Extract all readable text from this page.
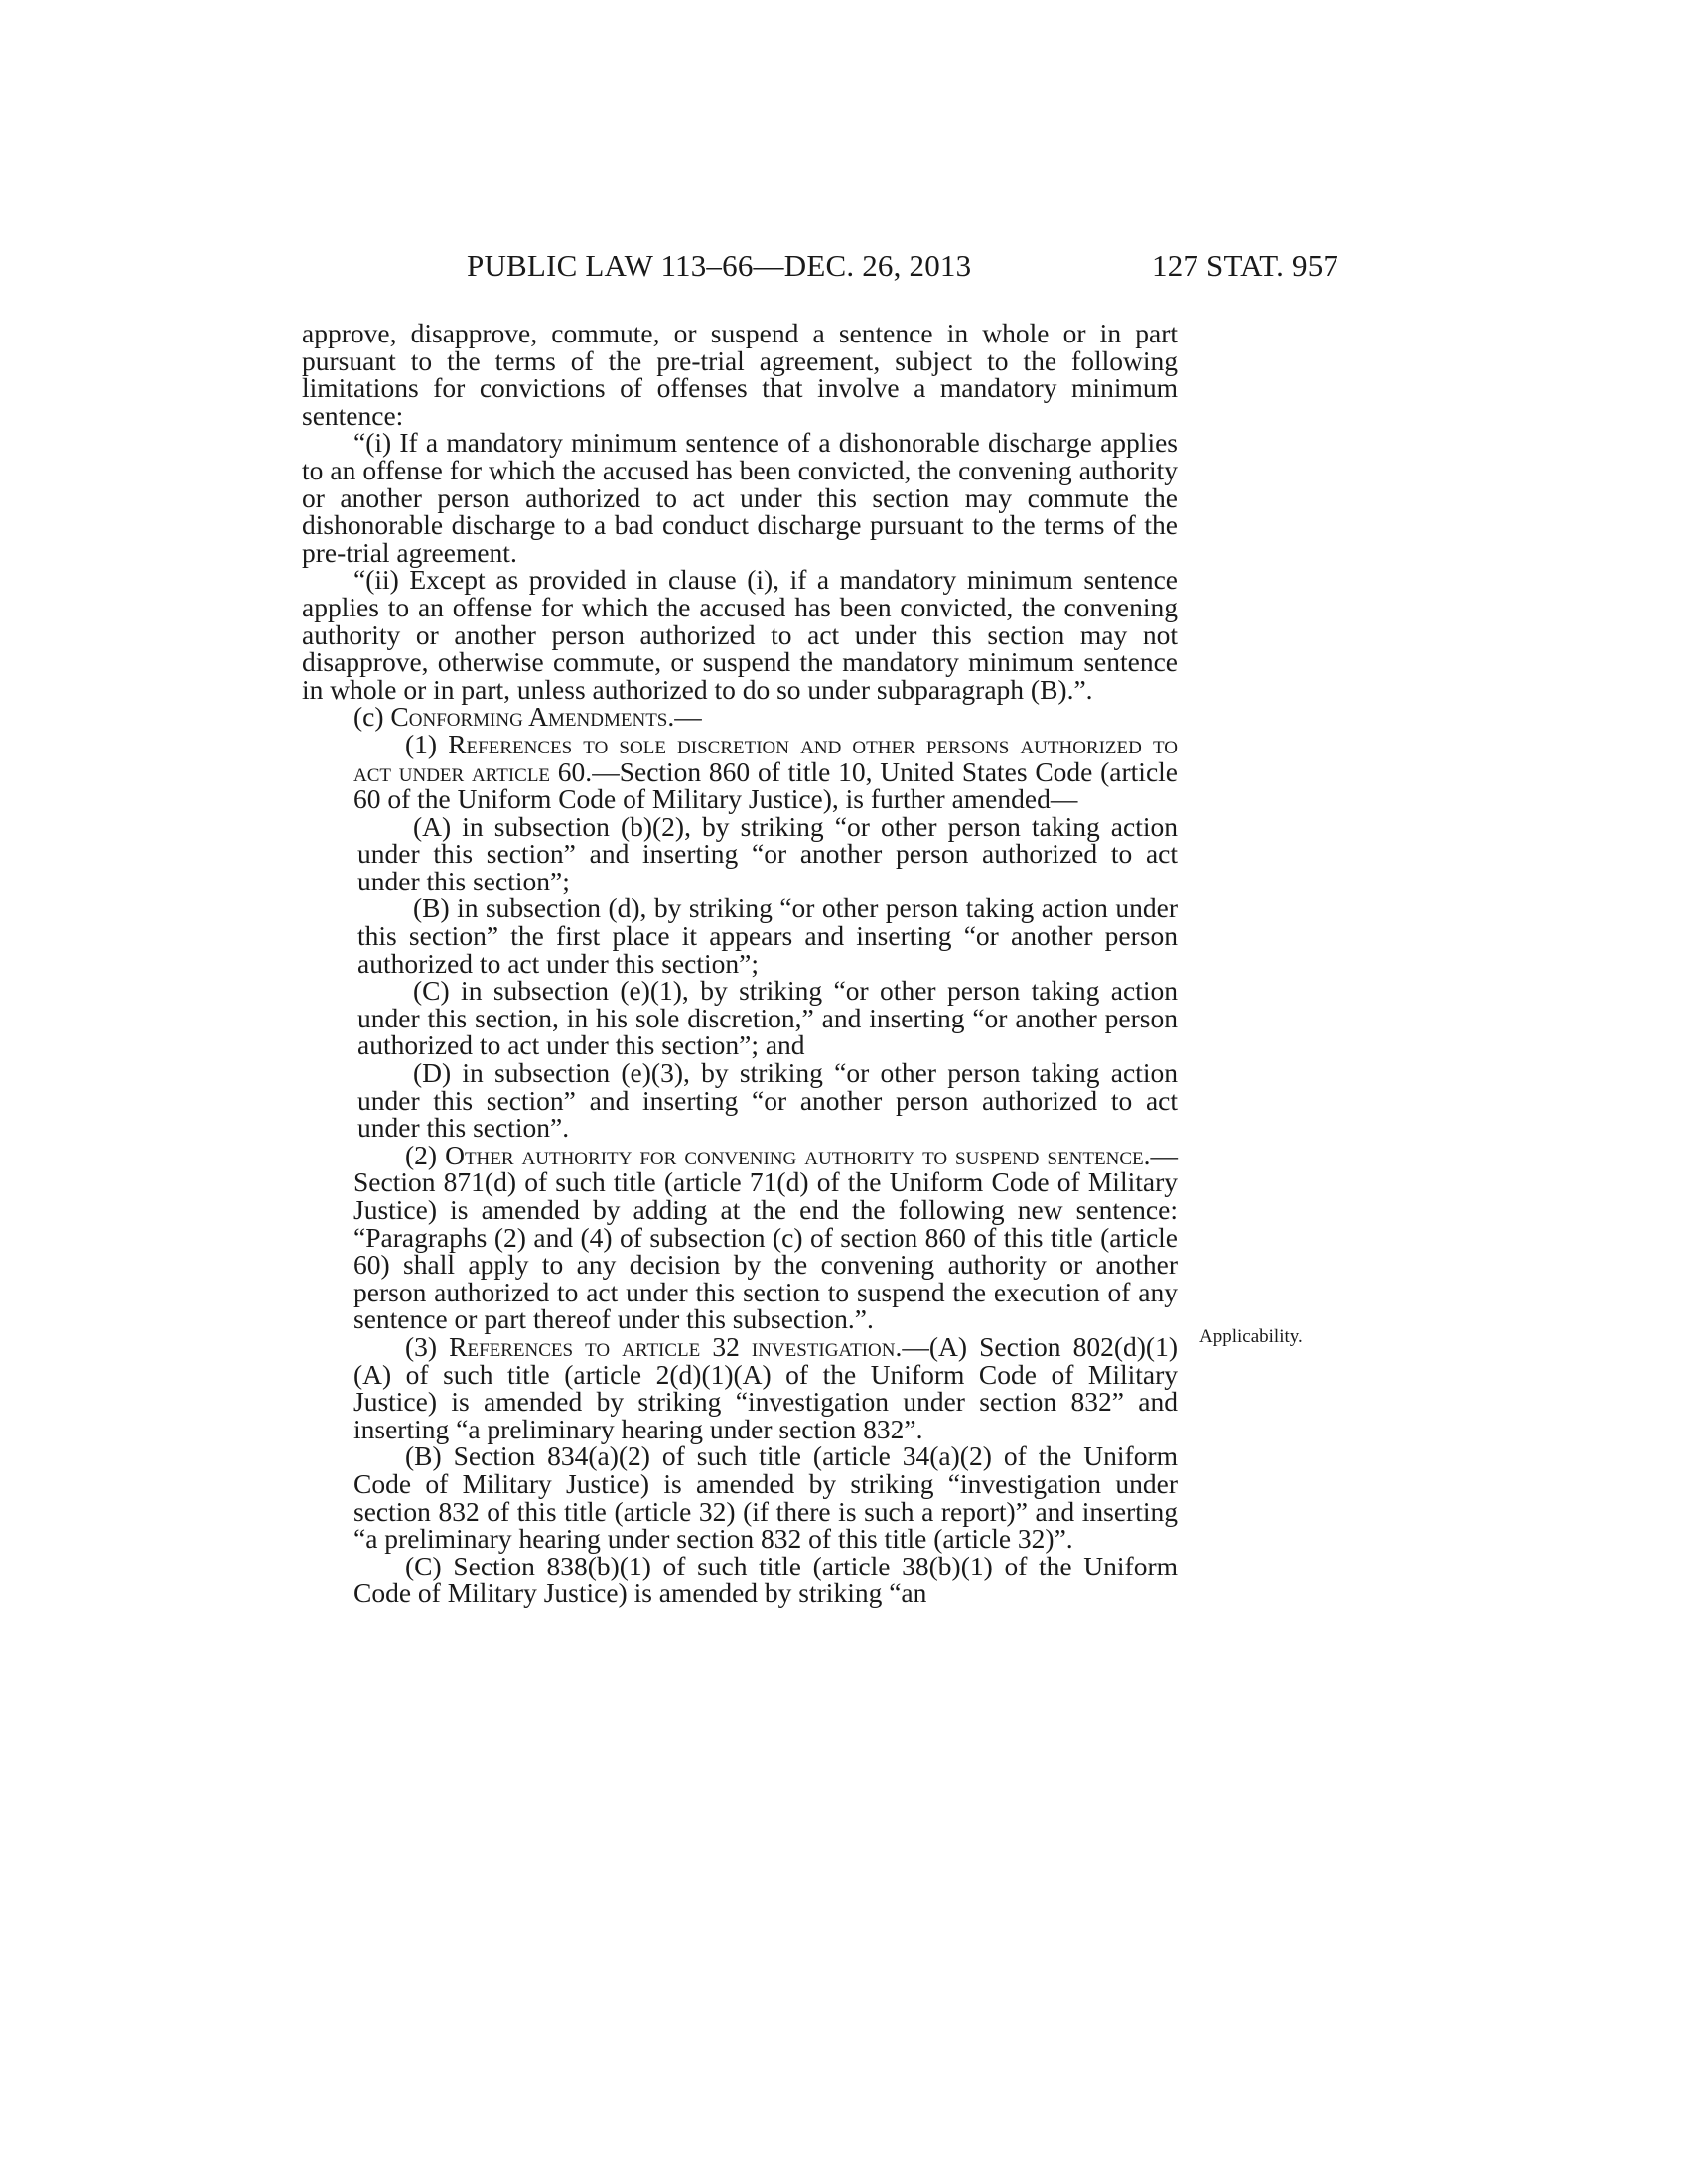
PUBLIC LAW 113–66—DEC. 26, 2013	127 STAT. 957
Applicability.

approve, disapprove, commute, or suspend a sentence in whole or in part pursuant to the terms of the pre-trial agreement, subject to the following limitations for convictions of offenses that involve a mandatory minimum sentence:

“(i) If a mandatory minimum sentence of a dishonorable discharge applies to an offense for which the accused has been convicted, the convening authority or another person authorized to act under this section may commute the dishonorable discharge to a bad conduct discharge pursuant to the terms of the pre-trial agreement.

“(ii) Except as provided in clause (i), if a mandatory minimum sentence applies to an offense for which the accused has been convicted, the convening authority or another person authorized to act under this section may not disapprove, otherwise commute, or suspend the mandatory minimum sentence in whole or in part, unless authorized to do so under subparagraph (B).”.

(c) Conforming Amendments.—

(1) References to sole discretion and other persons authorized to act under article 60.—Section 860 of title 10, United States Code (article 60 of the Uniform Code of Military Justice), is further amended—

(A) in subsection (b)(2), by striking “or other person taking action under this section” and inserting “or another person authorized to act under this section”;

(B) in subsection (d), by striking “or other person taking action under this section” the first place it appears and inserting “or another person authorized to act under this section”;

(C) in subsection (e)(1), by striking “or other person taking action under this section, in his sole discretion,” and inserting “or another person authorized to act under this section”; and

(D) in subsection (e)(3), by striking “or other person taking action under this section” and inserting “or another person authorized to act under this section”.

(2) Other authority for convening authority to suspend sentence.—Section 871(d) of such title (article 71(d) of the Uniform Code of Military Justice) is amended by adding at the end the following new sentence: “Paragraphs (2) and (4) of subsection (c) of section 860 of this title (article 60) shall apply to any decision by the convening authority or another person authorized to act under this section to suspend the execution of any sentence or part thereof under this subsection.”.

(3) References to article 32 investigation.—(A) Section 802(d)(1)(A) of such title (article 2(d)(1)(A) of the Uniform Code of Military Justice) is amended by striking “investigation under section 832” and inserting “a preliminary hearing under section 832”.

(B) Section 834(a)(2) of such title (article 34(a)(2) of the Uniform Code of Military Justice) is amended by striking “investigation under section 832 of this title (article 32) (if there is such a report)” and inserting “a preliminary hearing under section 832 of this title (article 32)”.

(C) Section 838(b)(1) of such title (article 38(b)(1) of the Uniform Code of Military Justice) is amended by striking “an
